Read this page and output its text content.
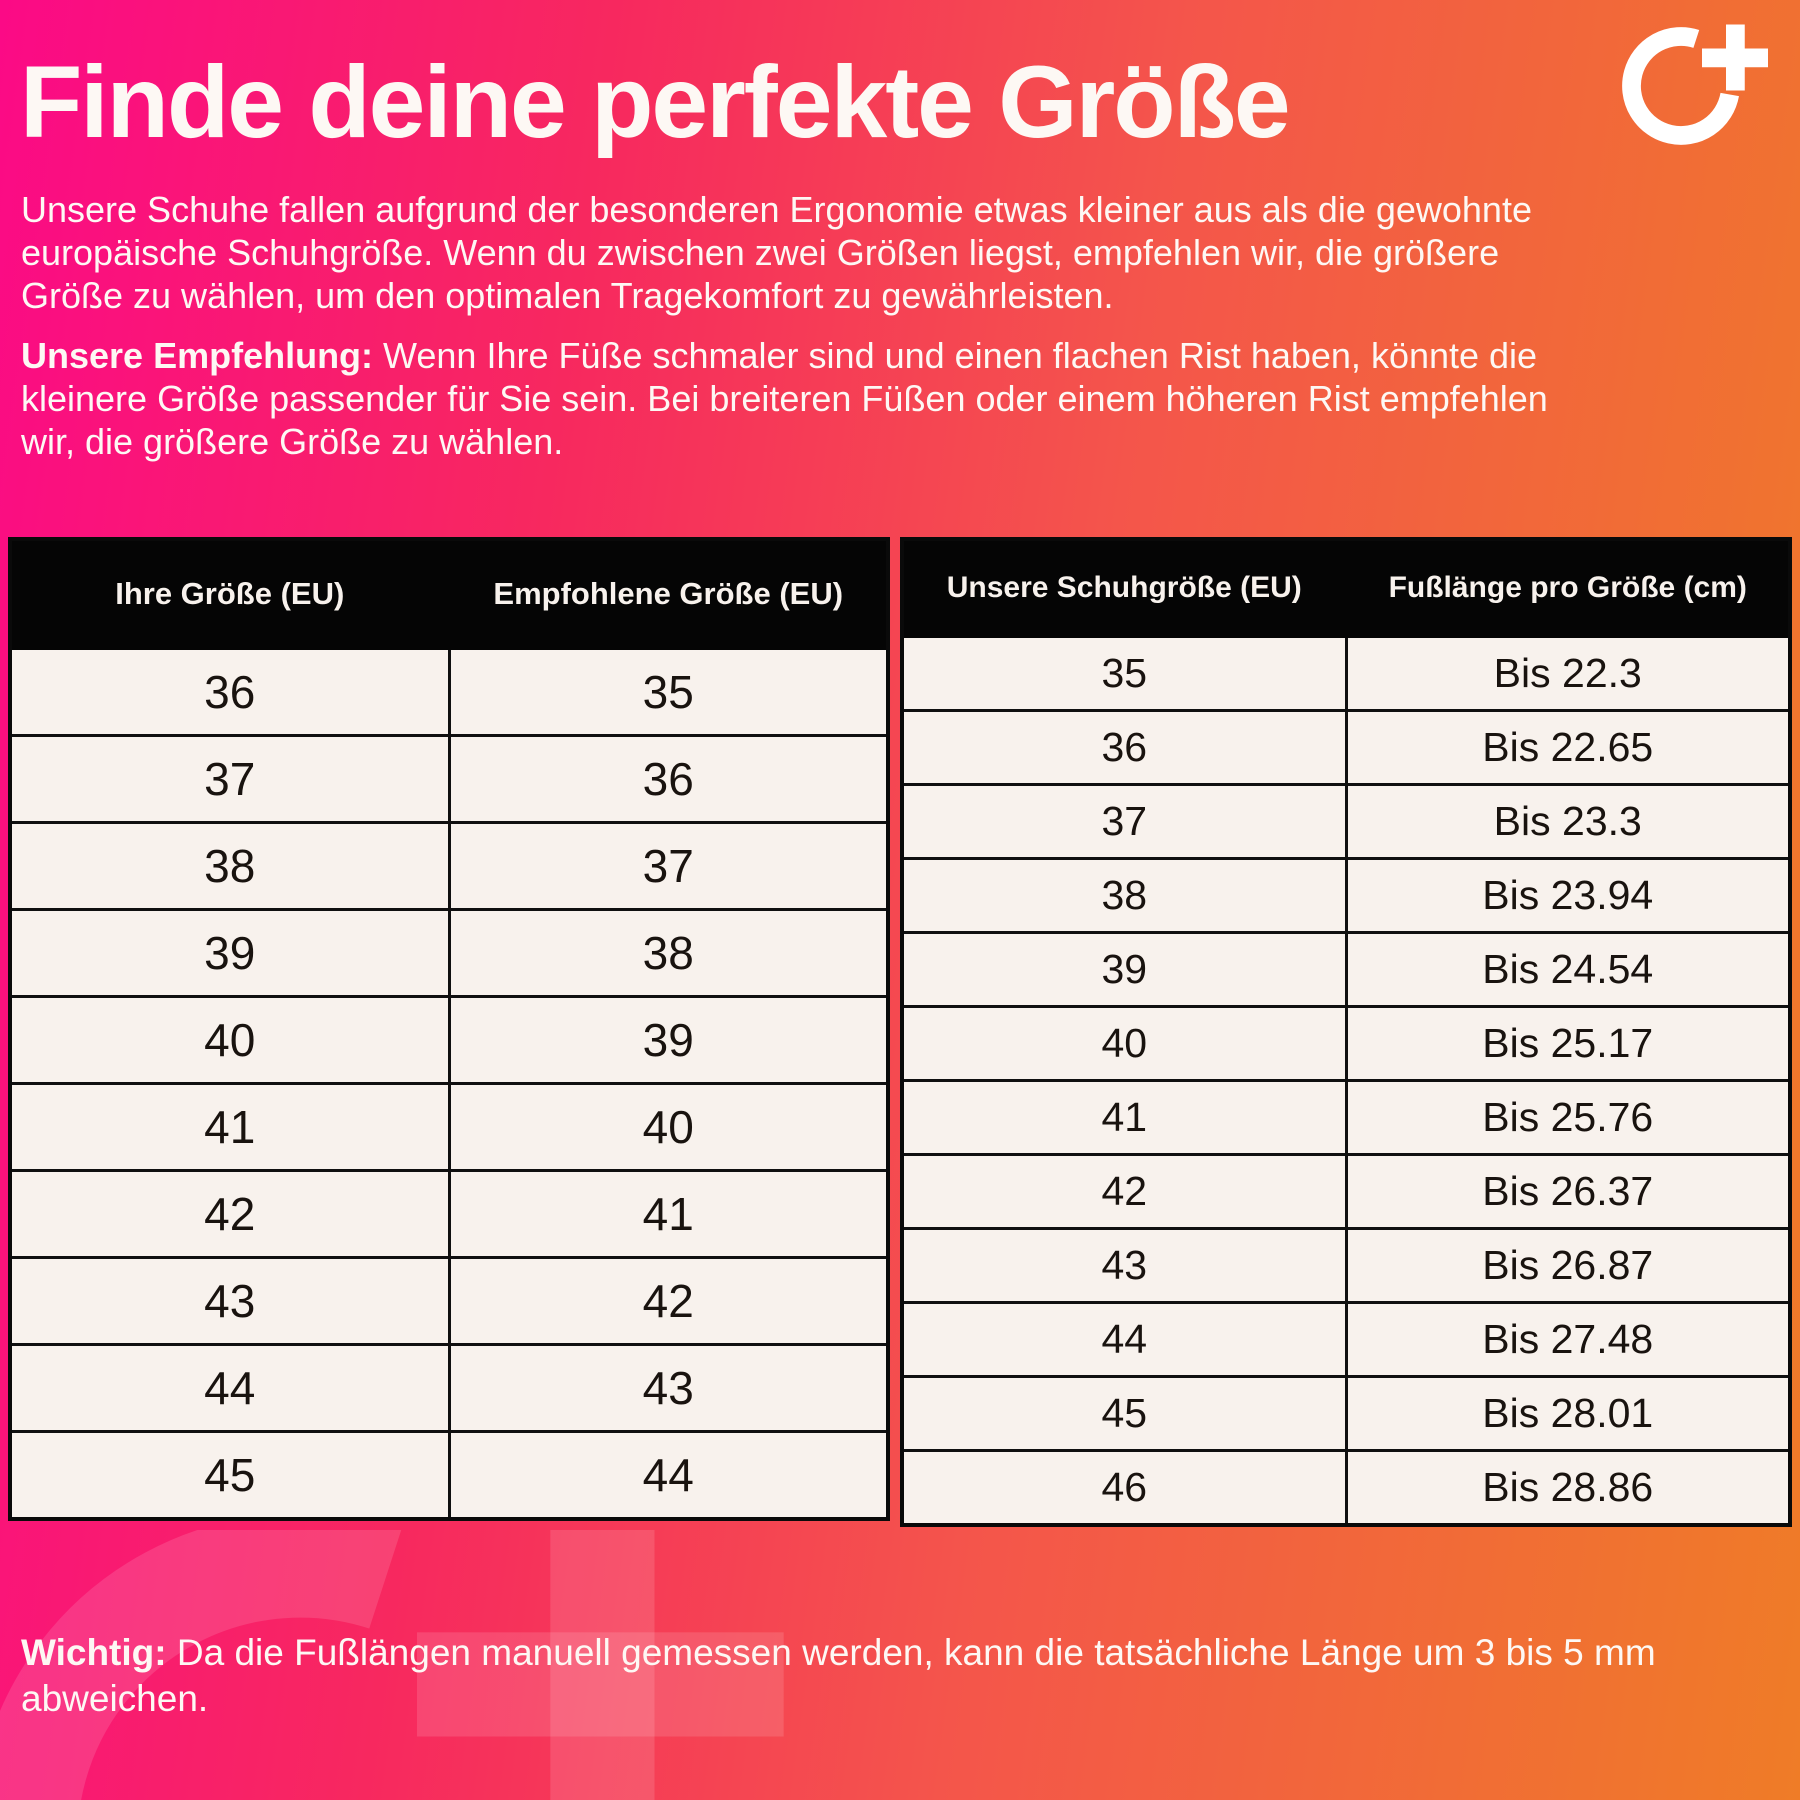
Finde deine perfekte Größe
Unsere Schuhe fallen aufgrund der besonderen Ergonomie etwas kleiner aus als die gewohnte
europäische Schuhgröße. Wenn du zwischen zwei Größen liegst, empfehlen wir, die größere
Größe zu wählen, um den optimalen Tragekomfort zu gewährleisten.
Unsere Empfehlung: Wenn Ihre Füße schmaler sind und einen flachen Rist haben, könnte die
kleinere Größe passender für Sie sein. Bei breiteren Füßen oder einem höheren Rist empfehlen
wir, die größere Größe zu wählen.
Ihre Größe (EU)	Empfohlene Größe (EU)
36	35
37	36
38	37
39	38
40	39
41	40
42	41
43	42
44	43
45	44
Unsere Schuhgröße (EU)	Fußlänge pro Größe (cm)
35	Bis 22.3
36	Bis 22.65
37	Bis 23.3
38	Bis 23.94
39	Bis 24.54
40	Bis 25.17
41	Bis 25.76
42	Bis 26.37
43	Bis 26.87
44	Bis 27.48
45	Bis 28.01
46	Bis 28.86
Wichtig: Da die Fußlängen manuell gemessen werden, kann die tatsächliche Länge um 3 bis 5 mm
abweichen.
